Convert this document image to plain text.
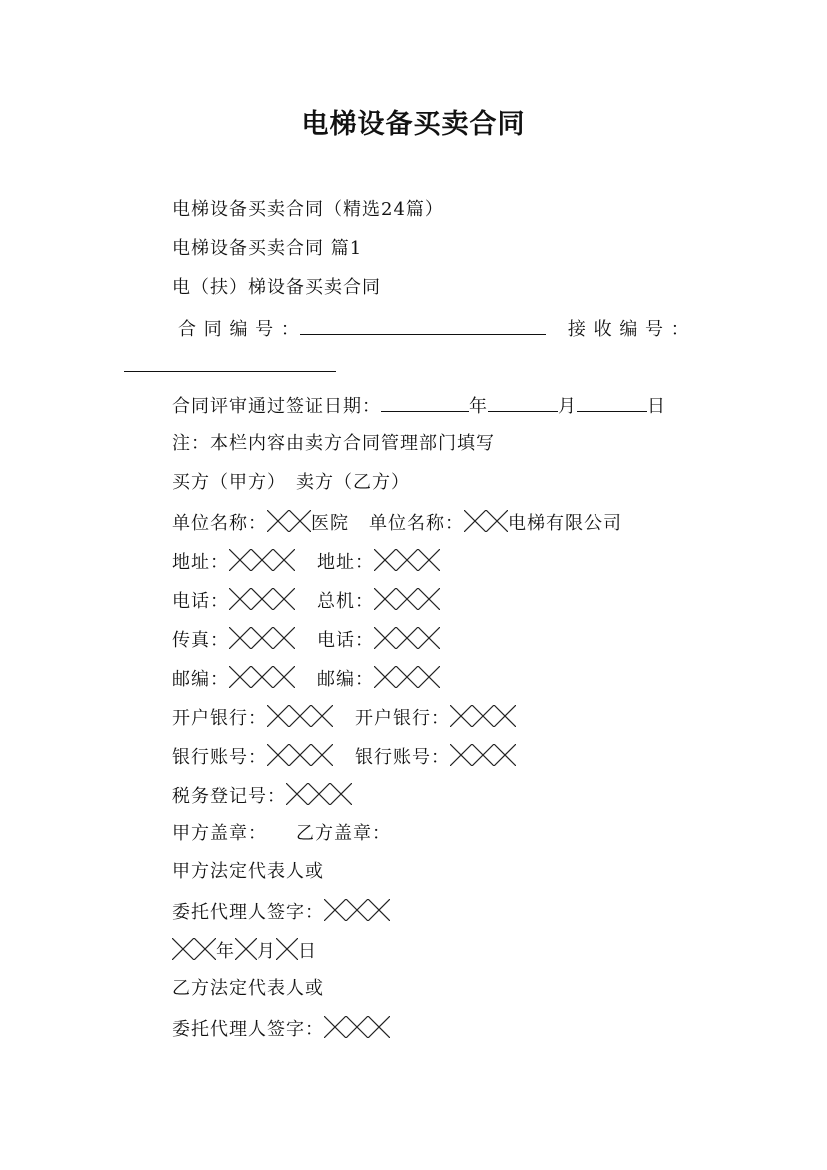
电梯设备买卖合同
电梯设备买卖合同（精选24篇）
电梯设备买卖合同 篇1
电（扶）梯设备买卖合同
合 同 编 号 ：	接 收 编 号 ：
合同评审通过签证日期：	年	月	日
注：本栏内容由卖方合同管理部门填写
买方（甲方）　卖方（乙方）
单位名称： 医院 单位名称： 电梯有限公司
地址：	地址：
电话：	总机：
传真：	电话：
邮编：	邮编：
开户银行：	开户银行：
银行账号：	银行账号：
税务登记号：
甲方盖章：　　乙方盖章：
甲方法定代表人或
委托代理人签字：
年 月 日
乙方法定代表人或
委托代理人签字：
